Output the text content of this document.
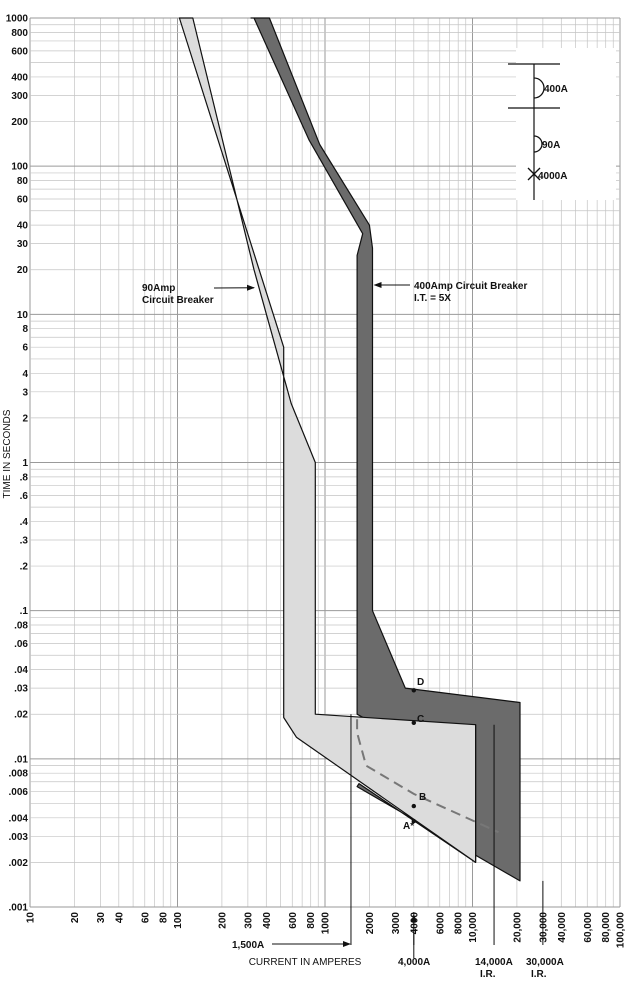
1000
800
600
400
300
200
100
80
60
40
30
20
10
8
6
4
3
2
1
.8
.6
.4
.3
.2
.1
.08
.06
.04
.03
.02
.01
.008
.006
.004
.003
.002
.001
10	20 30 40 60 80 100	200 300 400 600 800 1000	2000 3000 4000 6000 8000 10,000	20,000 30,000 40,000 60,000 80,000 100,000
TIME IN SECONDS
CURRENT IN AMPERES
90Amp
Circuit Breaker
400Amp Circuit Breaker
I.T. = 5X
1,500A
4,000A	14,000A
I.R.
30,000A
I.R.
D
C
B
A*
400A
90A
4000A
